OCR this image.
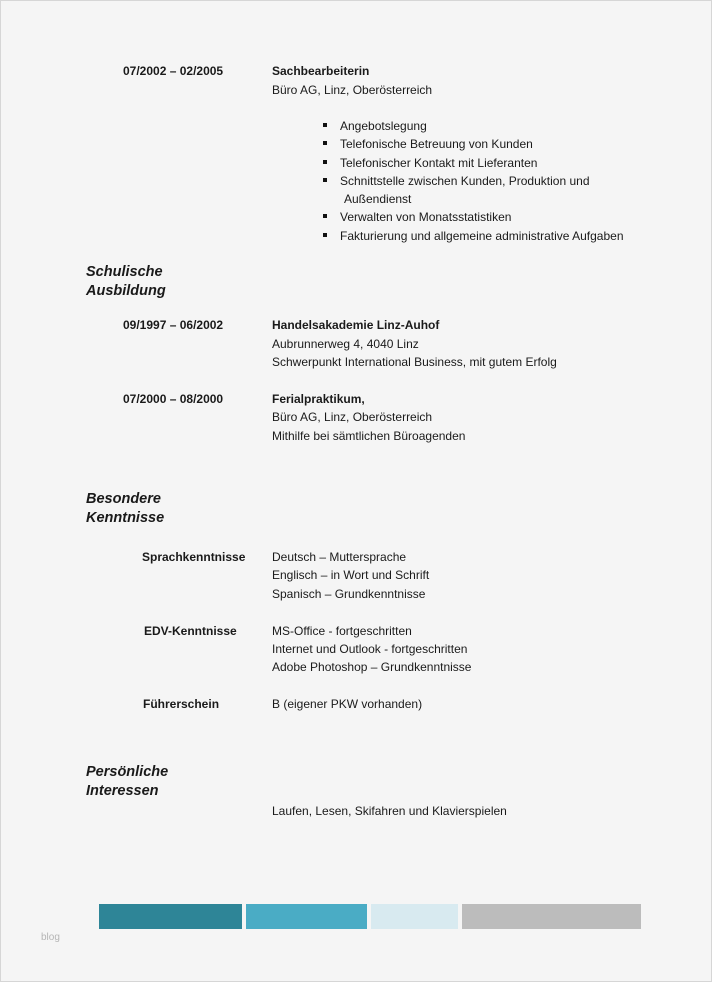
07/2002 – 02/2005	Sachbearbeiterin
Büro AG, Linz, Oberösterreich
Angebotslegung
Telefonische Betreuung von Kunden
Telefonischer Kontakt mit Lieferanten
Schnittstelle zwischen Kunden, Produktion und
Außendienst
Verwalten von Monatsstatistiken
Fakturierung und allgemeine administrative Aufgaben
Schulische
Ausbildung
09/1997 – 06/2002	Handelsakademie Linz-Auhof
Aubrunnerweg 4, 4040 Linz
Schwerpunkt International Business, mit gutem Erfolg
07/2000 – 08/2000	Ferialpraktikum,
Büro AG, Linz, Oberösterreich
Mithilfe bei sämtlichen Büroagenden
Besondere
Kenntnisse
Sprachkenntnisse Deutsch – Muttersprache
Englisch – in Wort und Schrift
Spanisch – Grundkenntnisse
EDV-Kenntnisse	MS-Office - fortgeschritten
Internet und Outlook - fortgeschritten
Adobe Photoshop – Grundkenntnisse
Führerschein	B (eigener PKW vorhanden)
Persönliche
Interessen
Laufen, Lesen, Skifahren und Klavierspielen
blog
